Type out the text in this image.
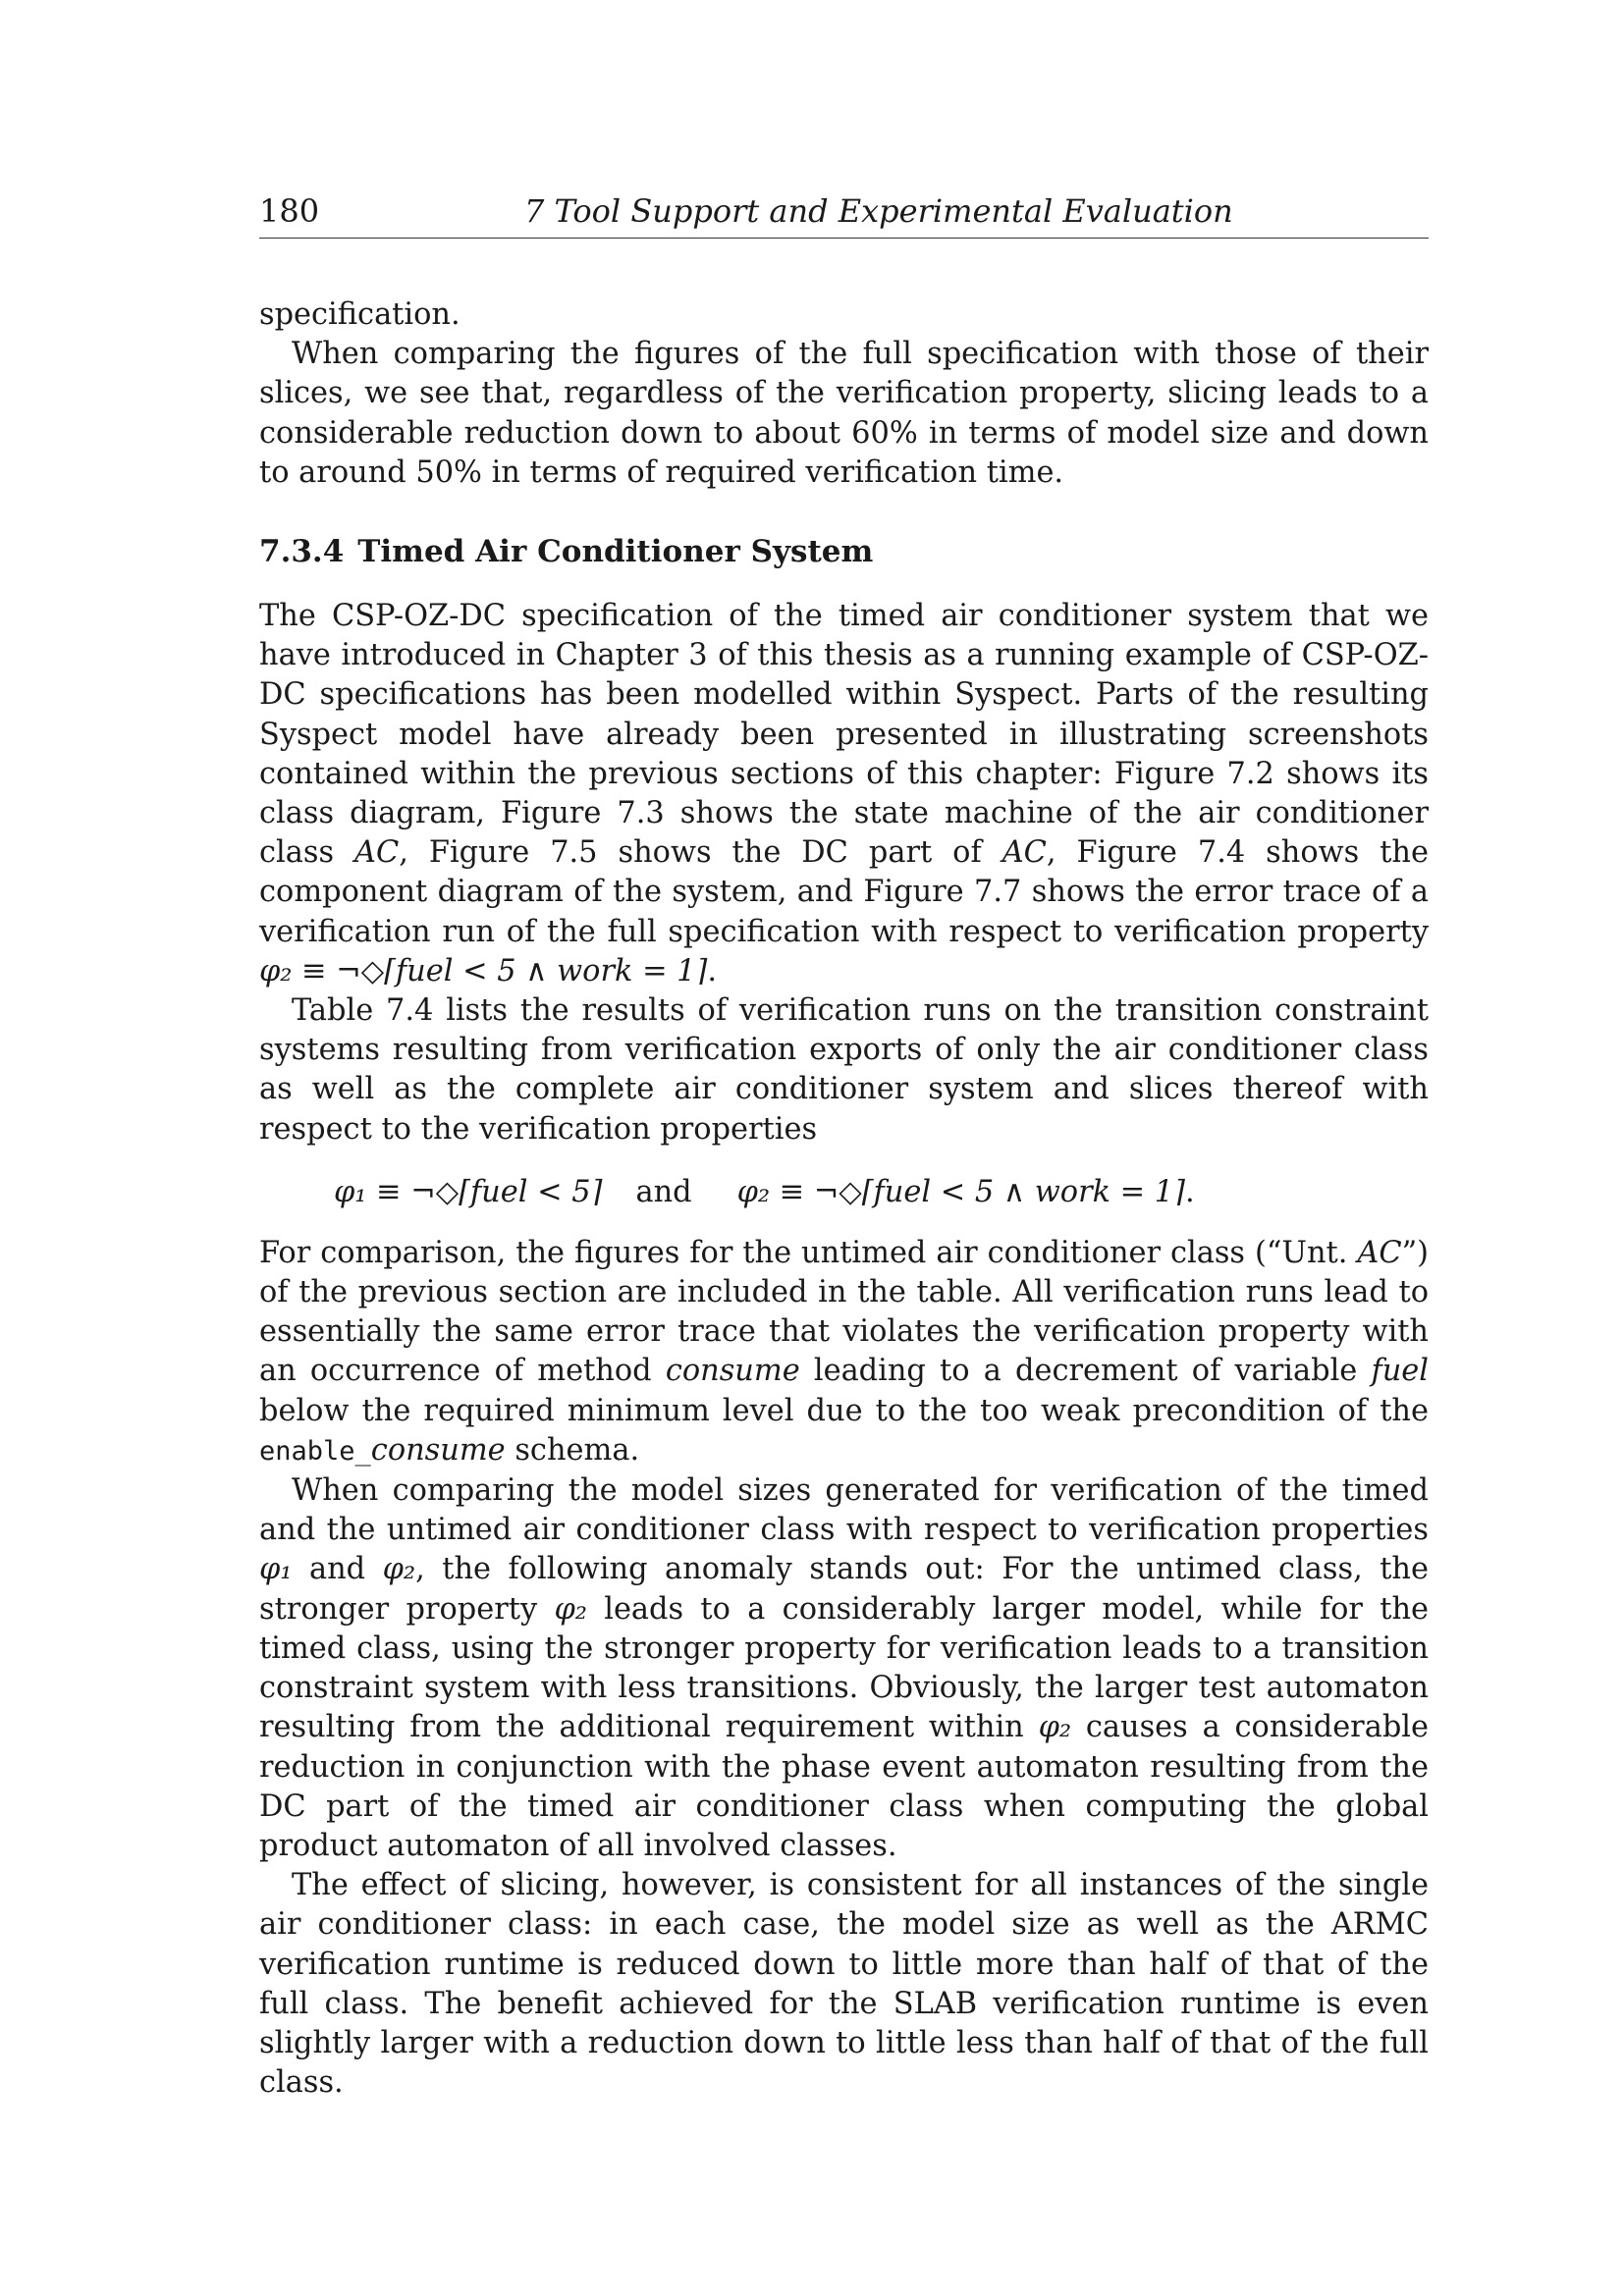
180	7 Tool Support and Experimental Evaluation

specification.

When comparing the figures of the full specification with those of their slices, we see that, regardless of the verification property, slicing leads to a considerable reduction down to about 60% in terms of model size and down to around 50% in terms of required verification time.

7.3.4 Timed Air Conditioner System

The CSP-OZ-DC specification of the timed air conditioner system that we have introduced in Chapter 3 of this thesis as a running example of CSP-OZ-DC specifications has been modelled within Syspect. Parts of the resulting Syspect model have already been presented in illustrating screenshots contained within the previous sections of this chapter: Figure 7.2 shows its class diagram, Figure 7.3 shows the state machine of the air conditioner class AC, Figure 7.5 shows the DC part of AC, Figure 7.4 shows the component diagram of the system, and Figure 7.7 shows the error trace of a verification run of the full specification with respect to verification property φ₂ ≡ ¬◇⌈fuel < 5 ∧ work = 1⌉.

Table 7.4 lists the results of verification runs on the transition constraint systems resulting from verification exports of only the air conditioner class as well as the complete air conditioner system and slices thereof with respect to the verification properties

φ₁ ≡ ¬◇⌈fuel < 5⌉ and φ₂ ≡ ¬◇⌈fuel < 5 ∧ work = 1⌉.

For comparison, the figures for the untimed air conditioner class (“Unt. AC”) of the previous section are included in the table. All verification runs lead to essentially the same error trace that violates the verification property with an occurrence of method consume leading to a decrement of variable fuel below the required minimum level due to the too weak precondition of the enable_consume schema.

When comparing the model sizes generated for verification of the timed and the untimed air conditioner class with respect to verification properties φ₁ and φ₂, the following anomaly stands out: For the untimed class, the stronger property φ₂ leads to a considerably larger model, while for the timed class, using the stronger property for verification leads to a transition constraint system with less transitions. Obviously, the larger test automaton resulting from the additional requirement within φ₂ causes a considerable reduction in conjunction with the phase event automaton resulting from the DC part of the timed air conditioner class when computing the global product automaton of all involved classes.

The effect of slicing, however, is consistent for all instances of the single air conditioner class: in each case, the model size as well as the ARMC verification runtime is reduced down to little more than half of that of the full class. The benefit achieved for the SLAB verification runtime is even slightly larger with a reduction down to little less than half of that of the full class.
